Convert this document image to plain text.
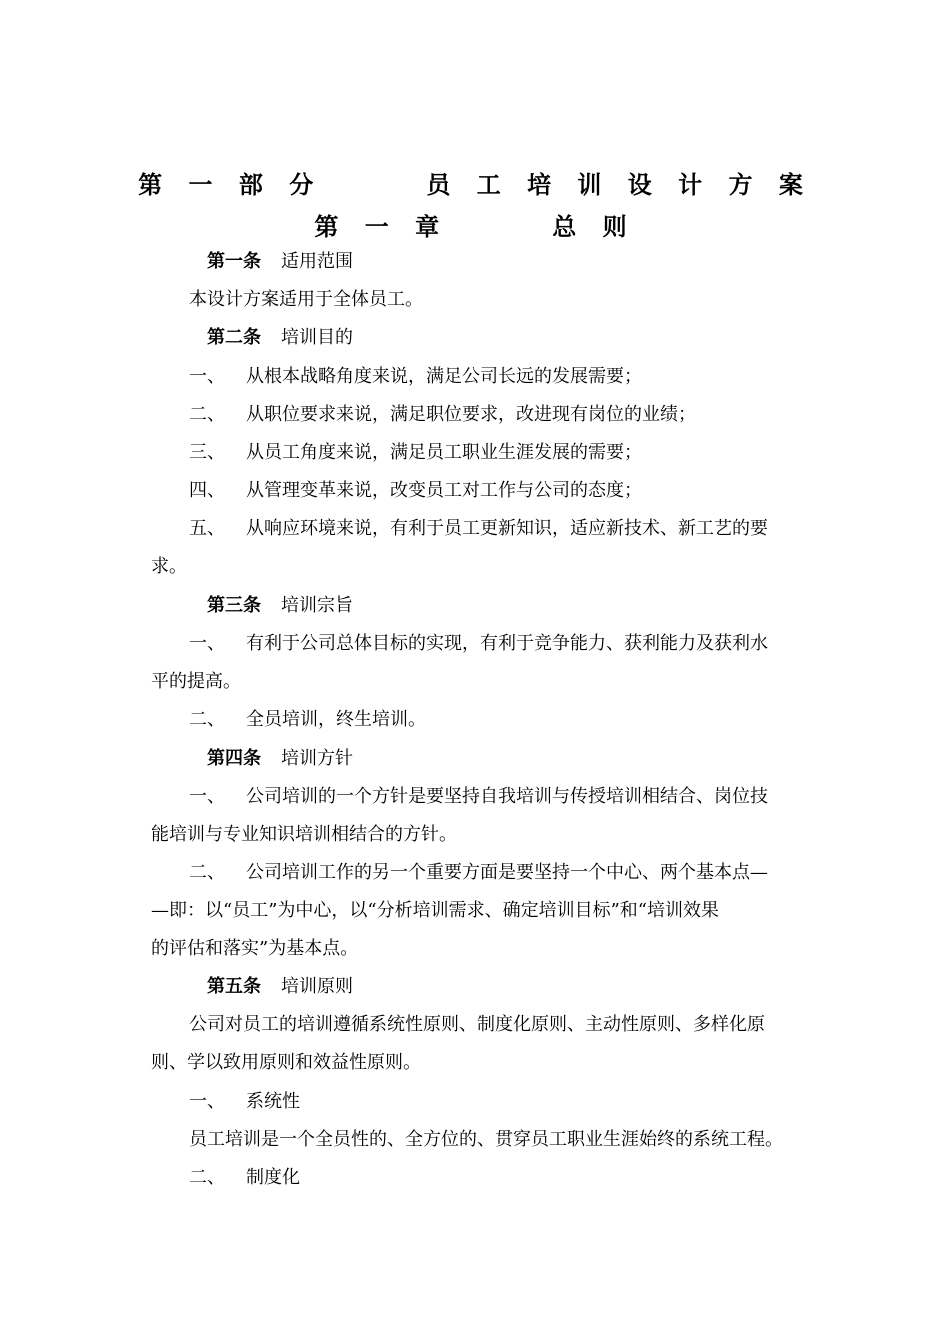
第 一 部 分      员 工 培 训 设 计 方 案
第 一 章      总 则
第一条 适用范围
本设计方案适用于全体员工。
第二条 培训目的
一、 从根本战略角度来说，满足公司长远的发展需要；
二、 从职位要求来说，满足职位要求，改进现有岗位的业绩；
三、 从员工角度来说，满足员工职业生涯发展的需要；
四、 从管理变革来说，改变员工对工作与公司的态度；
五、 从响应环境来说，有利于员工更新知识，适应新技术、新工艺的要
求。
第三条 培训宗旨
一、 有利于公司总体目标的实现，有利于竞争能力、获利能力及获利水
平的提高。
二、 全员培训，终生培训。
第四条 培训方针
一、 公司培训的一个方针是要坚持自我培训与传授培训相结合、岗位技
能培训与专业知识培训相结合的方针。
二、 公司培训工作的另一个重要方面是要坚持一个中心、两个基本点—
—即：以“员工”为中心，以“分析培训需求、确定培训目标”和“培训效果
的评估和落实”为基本点。
第五条 培训原则
公司对员工的培训遵循系统性原则、制度化原则、主动性原则、多样化原
则、学以致用原则和效益性原则。
一、 系统性
员工培训是一个全员性的、全方位的、贯穿员工职业生涯始终的系统工程。
二、 制度化
